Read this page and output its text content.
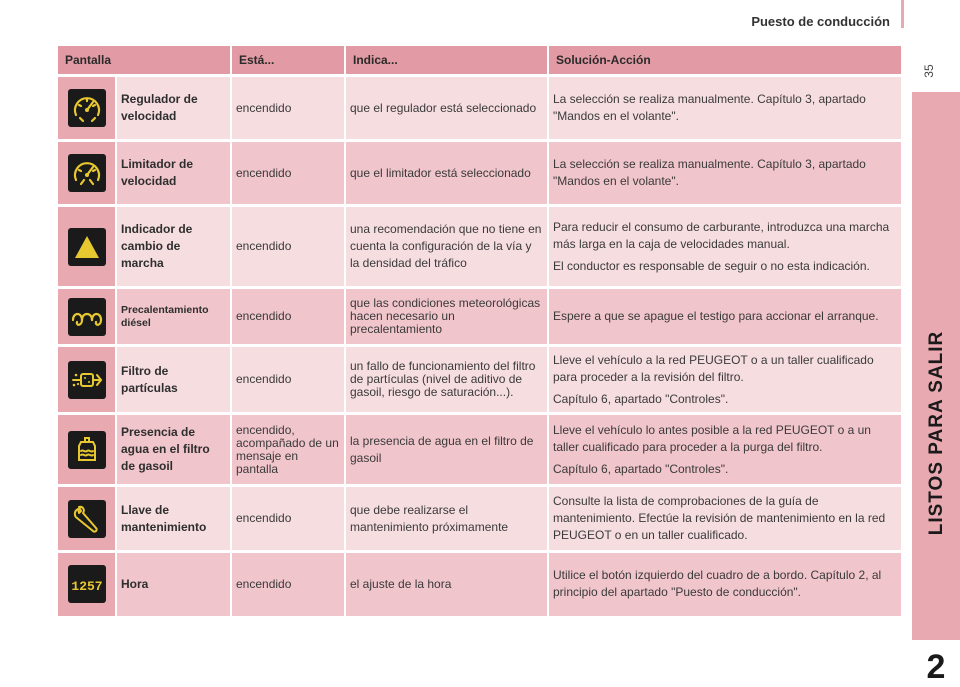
Puesto de conducción
35
LISTOS PARA SALIR
2
Pantalla		Está...	Indica...	Solución-Acción

	Regulador de velocidad	encendido	que el regulador está seleccionado	La selección se realiza manualmente. Capítulo 3, apartado "Mandos en el volante".

	Limitador de velocidad	encendido	que el limitador está seleccionado	La selección se realiza manualmente. Capítulo 3, apartado "Mandos en el volante".

	Indicador de cambio de marcha	encendido	una recomendación que no tiene en cuenta la configuración de la vía y la densidad del tráfico	Para reducir el consumo de carburante, introduzca una marcha más larga en la caja de velocidades manual.

El conductor es responsable de seguir o no esta indicación.

	Precalentamiento diésel	encendido	que las condiciones meteorológicas hacen necesario un precalentamiento	Espere a que se apague el testigo para accionar el arranque.

	Filtro de partículas	encendido	un fallo de funcionamiento del filtro de partículas (nivel de aditivo de gasoil, riesgo de saturación...).	Lleve el vehículo a la red PEUGEOT o a un taller cualificado para proceder a la revisión del filtro.

Capítulo 6, apartado "Controles".

	Presencia de agua en el filtro de gasoil	encendido, acompañado de un mensaje en pantalla	la presencia de agua en el filtro de gasoil	Lleve el vehículo lo antes posible a la red PEUGEOT o a un taller cualificado para proceder a la purga del filtro.

Capítulo 6, apartado "Controles".

	Llave de mantenimiento	encendido	que debe realizarse el mantenimiento próximamente	Consulte la lista de comprobaciones de la guía de mantenimiento. Efectúe la revisión de mantenimiento en la red PEUGEOT o en un taller cualificado.

1257	Hora	encendido	el ajuste de la hora	Utilice el botón izquierdo del cuadro de a bordo. Capítulo 2, al principio del apartado "Puesto de conducción".
